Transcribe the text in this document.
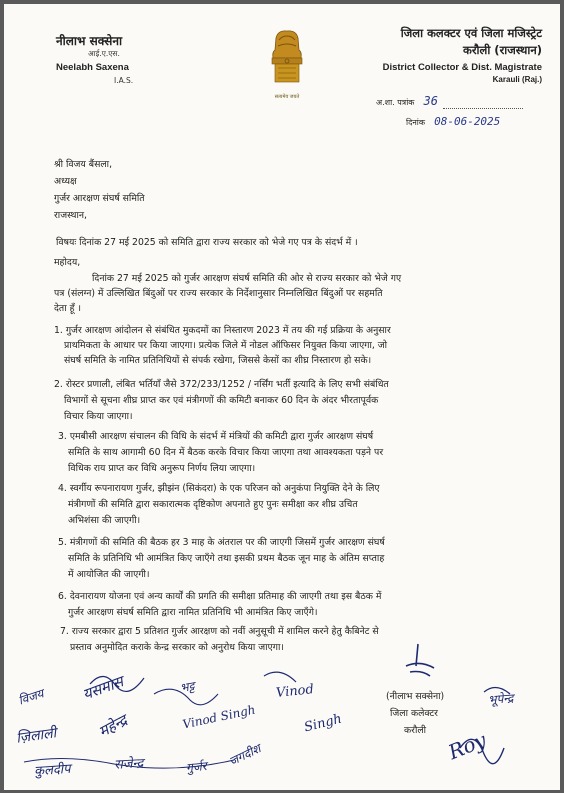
नीलाभ सक्सेना
आई.ए.एस.
Neelabh Saxena
I.A.S.
सत्यमेव जयते
जिला कलक्टर एवं जिला मजिस्ट्रेट
करौली (राजस्थान)
District Collector & Dist. Magistrate
Karauli (Raj.)
अ.शा. पत्रांक 36
दिनांक 08-06-2025
श्री विजय बैंसला,
अध्यक्ष
गुर्जर आरक्षण संघर्ष समिति
राजस्थान,
विषयः दिनांक 27 मई 2025 को समिति द्वारा राज्य सरकार को भेजे गए पत्र के संदर्भ में ।
महोदय,
दिनांक 27 मई 2025 को गुर्जर आरक्षण संघर्ष समिति की ओर से राज्य सरकार को भेजे गए
पत्र (संलग्न) में उल्लिखित बिंदुओं पर राज्य सरकार के निर्देशानुसार निम्नलिखित बिंदुओं पर सहमति
देता हूँ ।
1. गुर्जर आरक्षण आंदोलन से संबंधित मुकदमों का निस्तारण 2023 में तय की गई प्रक्रिया के अनुसार
प्राथमिकता के आधार पर किया जाएगा। प्रत्येक जिले में नोडल ऑफिसर नियुक्त किया जाएगा, जो
संघर्ष समिति के नामित प्रतिनिधियों से संपर्क रखेगा, जिससे केसों का शीघ्र निस्तारण हो सके।
2. रोस्टर प्रणाली, लंबित भर्तियाँ जैसे 372/233/1252 / नर्सिंग भर्ती इत्यादि के लिए सभी संबंधित
विभागों से सूचना शीघ्र प्राप्त कर एवं मंत्रीगणों की कमिटी बनाकर 60 दिन के अंदर भीरतापूर्वक
विचार किया जाएगा।
3. एमबीसी आरक्षण संचालन की विधि के संदर्भ में मंत्रियों की कमिटी द्वारा गुर्जर आरक्षण संघर्ष
समिति के साथ आगामी 60 दिन में बैठक करके विचार किया जाएगा तथा आवश्यकता पड़ने पर
विधिक राय प्राप्त कर विधि अनुरूप निर्णय लिया जाएगा।
4. स्वर्गीय रूपनारायण गुर्जर, झीझंन (सिकंदरा) के एक परिजन को अनुकंपा नियुक्ति देने के लिए
मंत्रीगणों की समिति द्वारा सकारात्मक दृष्टिकोण अपनाते हुए पुनः समीक्षा कर शीघ्र उचित
अभिशंसा की जाएगी।
5. मंत्रीगणों की समिति की बैठक हर 3 माह के अंतराल पर की जाएगी जिसमें गुर्जर आरक्षण संघर्ष
समिति के प्रतिनिधि भी आमंत्रित किए जाएँगे तथा इसकी प्रथम बैठक जून माह के अंतिम सप्ताह
में आयोजित की जाएगी।
6. देवनारायण योजना एवं अन्य कार्यों की प्रगति की समीक्षा प्रतिमाह की जाएगी तथा इस बैठक में
गुर्जर आरक्षण संघर्ष समिति द्वारा नामित प्रतिनिधि भी आमंत्रित किए जाएँगे।
7. राज्य सरकार द्वारा 5 प्रतिशत गुर्जर आरक्षण को नवीं अनुसूची में शामिल करने हेतु कैबिनेट से
प्रस्ताव अनुमोदित कराके केन्द्र सरकार को अनुरोध किया जाएगा।
(नीलाभ सक्सेना)
जिला कलेक्टर
करौली
विजय यसमास	Vinod
ज़िलाली
भूपेन्द्र
Roy
Vinod Singh
महेन्द्र	Singh
जगदीश
भट्ट
कुलदीप	राजेन्द्र	गुर्जर
